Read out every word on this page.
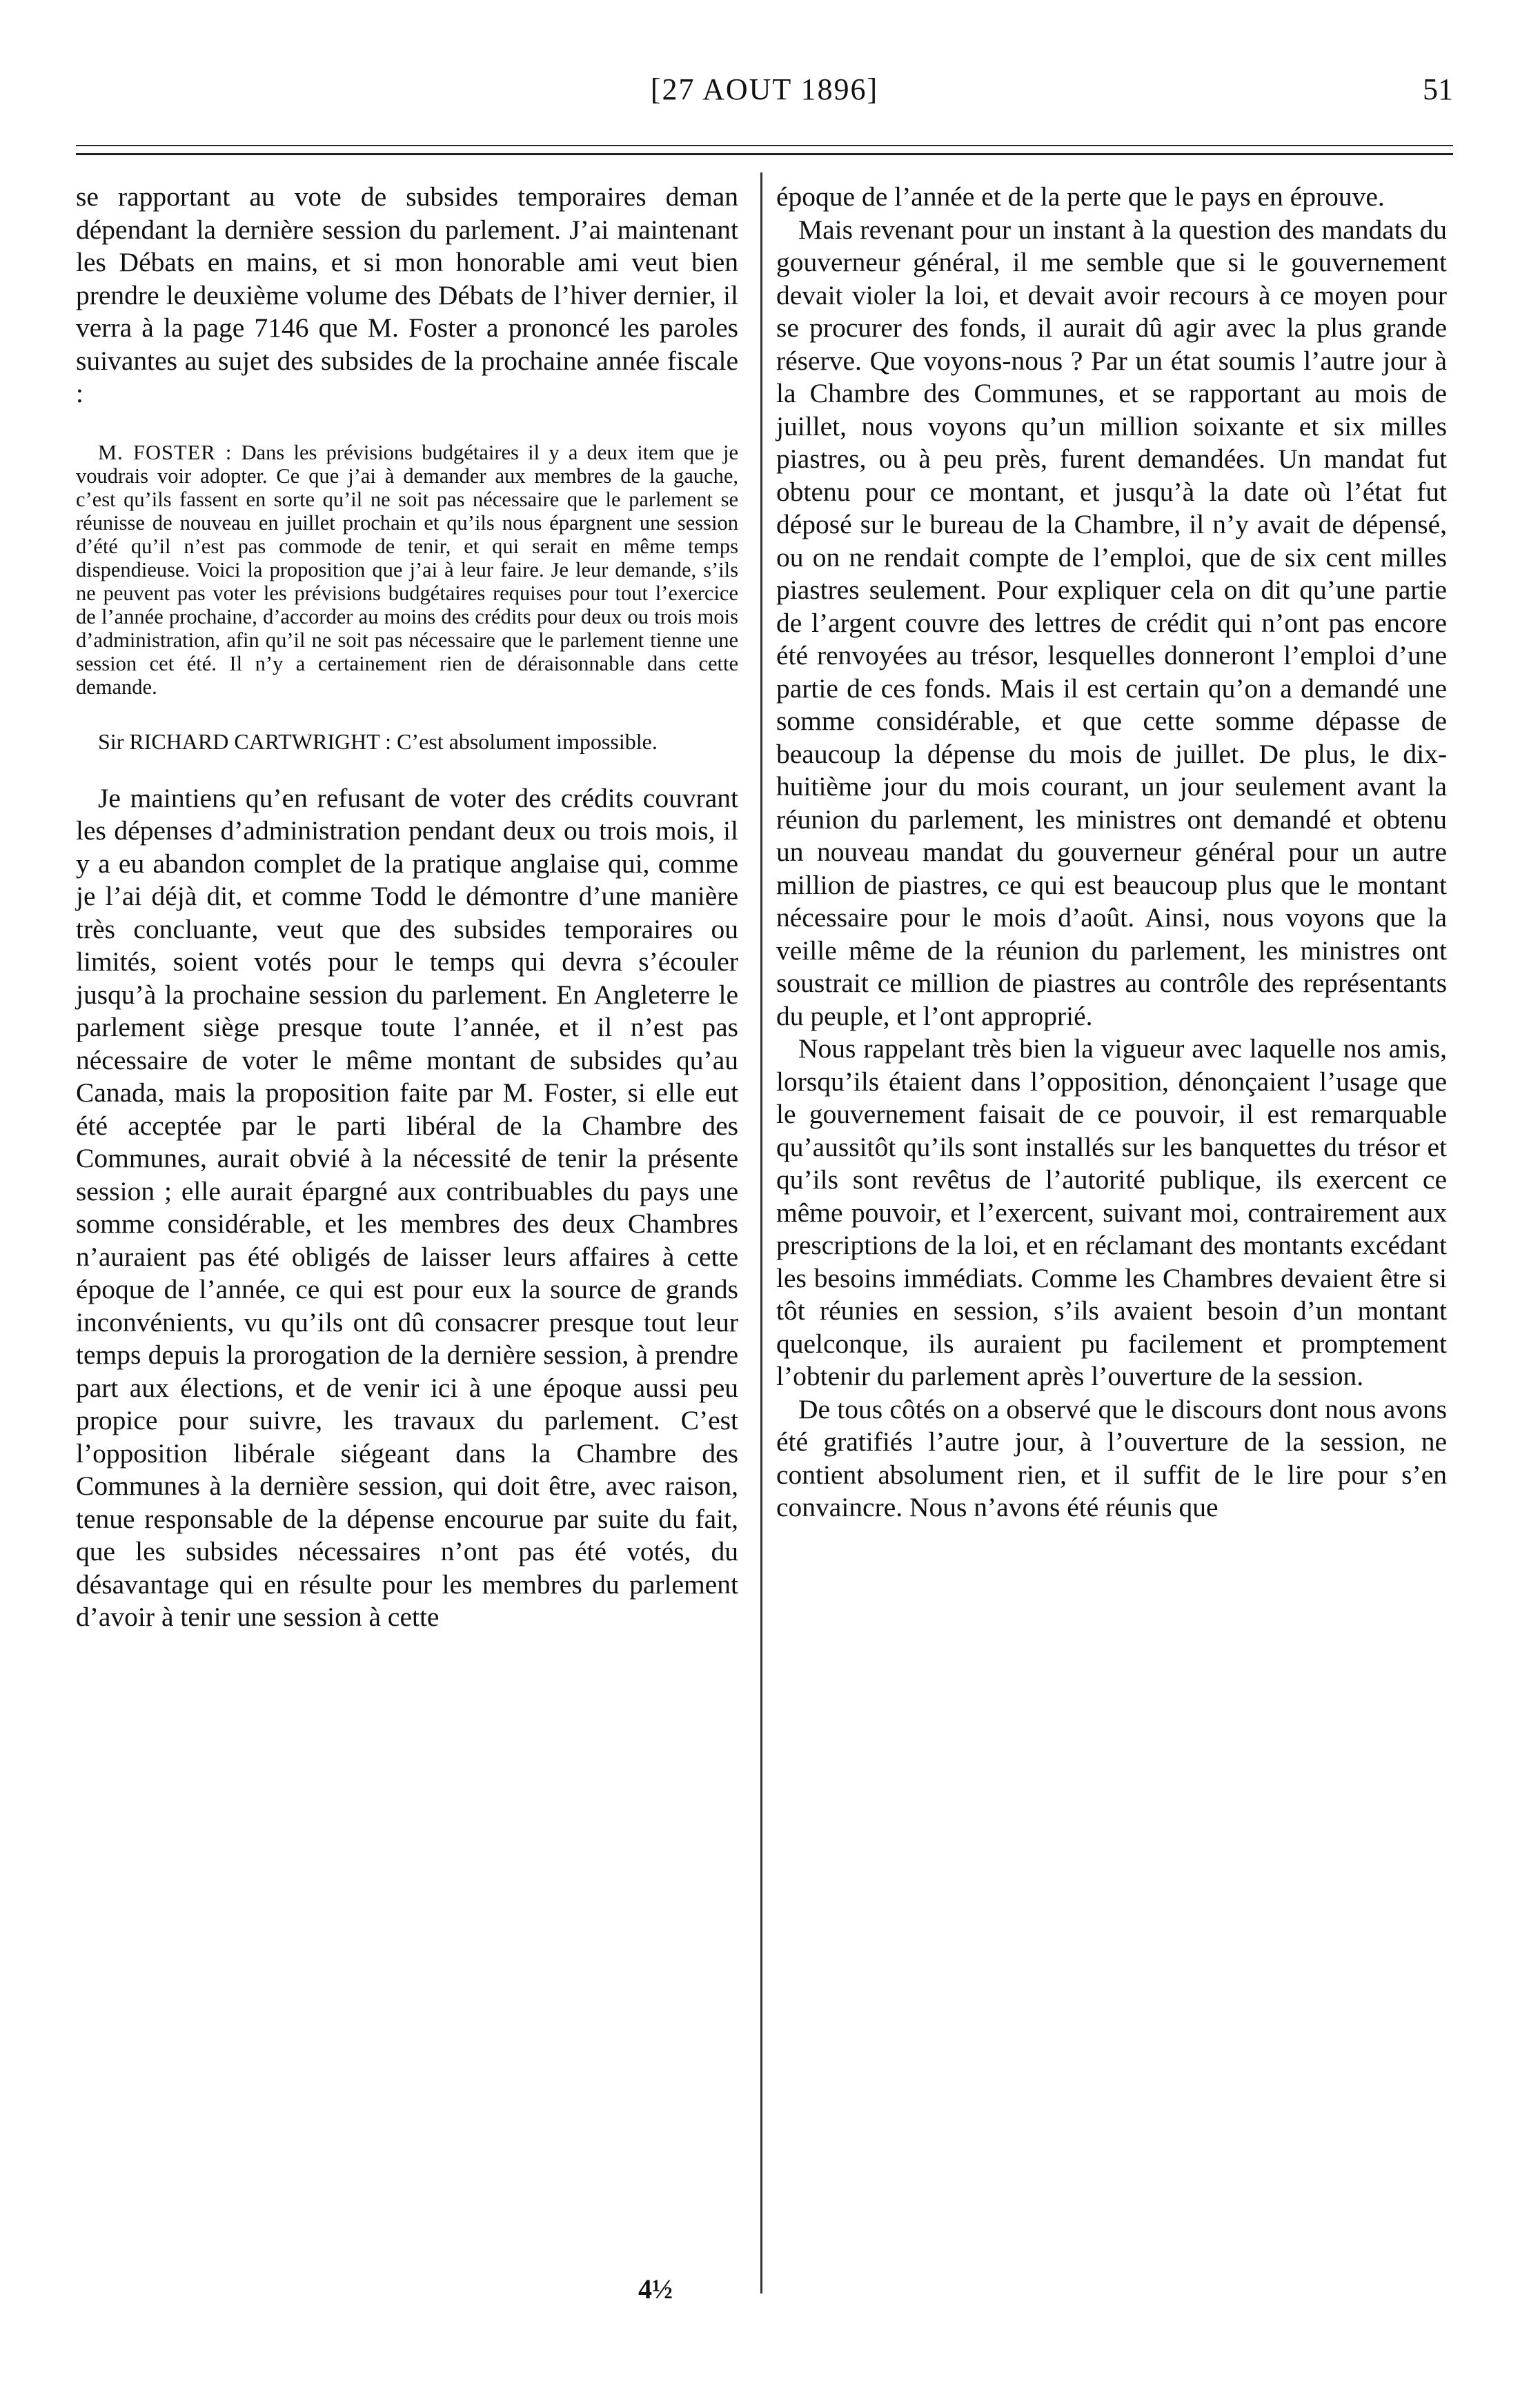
[27 AOUT 1896]	51

se rapportant au vote de subsides temporaires deman dépendant la dernière session du parlement. J’ai maintenant les Débats en mains, et si mon honorable ami veut bien prendre le deuxième volume des Débats de l’hiver dernier, il verra à la page 7146 que M. Foster a prononcé les paroles suivantes au sujet des subsides de la prochaine année fiscale :

M. FOSTER : Dans les prévisions budgétaires il y a deux item que je voudrais voir adopter. Ce que j’ai à demander aux membres de la gauche, c’est qu’ils fassent en sorte qu’il ne soit pas nécessaire que le parlement se réunisse de nouveau en juillet prochain et qu’ils nous épargnent une session d’été qu’il n’est pas commode de tenir, et qui serait en même temps dispendieuse. Voici la proposition que j’ai à leur faire. Je leur demande, s’ils ne peuvent pas voter les prévisions budgétaires requises pour tout l’exercice de l’année prochaine, d’accorder au moins des crédits pour deux ou trois mois d’administration, afin qu’il ne soit pas nécessaire que le parlement tienne une session cet été. Il n’y a certainement rien de déraisonnable dans cette demande.

Sir RICHARD CARTWRIGHT : C’est absolument impossible.

Je maintiens qu’en refusant de voter des crédits couvrant les dépenses d’administration pendant deux ou trois mois, il y a eu abandon complet de la pratique anglaise qui, comme je l’ai déjà dit, et comme Todd le démontre d’une manière très concluante, veut que des subsides temporaires ou limités, soient votés pour le temps qui devra s’écouler jusqu’à la prochaine session du parlement. En Angleterre le parlement siège presque toute l’année, et il n’est pas nécessaire de voter le même montant de subsides qu’au Canada, mais la proposition faite par M. Foster, si elle eut été acceptée par le parti libéral de la Chambre des Communes, aurait obvié à la nécessité de tenir la présente session ; elle aurait épargné aux contribuables du pays une somme considérable, et les membres des deux Chambres n’auraient pas été obligés de laisser leurs affaires à cette époque de l’année, ce qui est pour eux la source de grands inconvénients, vu qu’ils ont dû consacrer presque tout leur temps depuis la prorogation de la dernière session, à prendre part aux élections, et de venir ici à une époque aussi peu propice pour suivre, les travaux du parlement. C’est l’opposition libérale siégeant dans la Chambre des Communes à la dernière session, qui doit être, avec raison, tenue responsable de la dépense encourue par suite du fait, que les subsides nécessaires n’ont pas été votés, du désavantage qui en résulte pour les membres du parlement d’avoir à tenir une session à cette

époque de l’année et de la perte que le pays en éprouve.

Mais revenant pour un instant à la question des mandats du gouverneur général, il me semble que si le gouvernement devait violer la loi, et devait avoir recours à ce moyen pour se procurer des fonds, il aurait dû agir avec la plus grande réserve. Que voyons-nous ? Par un état soumis l’autre jour à la Chambre des Communes, et se rapportant au mois de juillet, nous voyons qu’un million soixante et six milles piastres, ou à peu près, furent demandées. Un mandat fut obtenu pour ce montant, et jusqu’à la date où l’état fut déposé sur le bureau de la Chambre, il n’y avait de dépensé, ou on ne rendait compte de l’emploi, que de six cent milles piastres seulement. Pour expliquer cela on dit qu’une partie de l’argent couvre des lettres de crédit qui n’ont pas encore été renvoyées au trésor, lesquelles donneront l’emploi d’une partie de ces fonds. Mais il est certain qu’on a demandé une somme considérable, et que cette somme dépasse de beaucoup la dépense du mois de juillet. De plus, le dix-huitième jour du mois courant, un jour seulement avant la réunion du parlement, les ministres ont demandé et obtenu un nouveau mandat du gouverneur général pour un autre million de piastres, ce qui est beaucoup plus que le montant nécessaire pour le mois d’août. Ainsi, nous voyons que la veille même de la réunion du parlement, les ministres ont soustrait ce million de piastres au contrôle des représentants du peuple, et l’ont approprié.

Nous rappelant très bien la vigueur avec laquelle nos amis, lorsqu’ils étaient dans l’opposition, dénonçaient l’usage que le gouvernement faisait de ce pouvoir, il est remarquable qu’aussitôt qu’ils sont installés sur les banquettes du trésor et qu’ils sont revêtus de l’autorité publique, ils exercent ce même pouvoir, et l’exercent, suivant moi, contrairement aux prescriptions de la loi, et en réclamant des montants excédant les besoins immédiats. Comme les Chambres devaient être si tôt réunies en session, s’ils avaient besoin d’un montant quelconque, ils auraient pu facilement et promptement l’obtenir du parlement après l’ouverture de la session.

De tous côtés on a observé que le discours dont nous avons été gratifiés l’autre jour, à l’ouverture de la session, ne contient absolument rien, et il suffit de le lire pour s’en convaincre. Nous n’avons été réunis que

4½
